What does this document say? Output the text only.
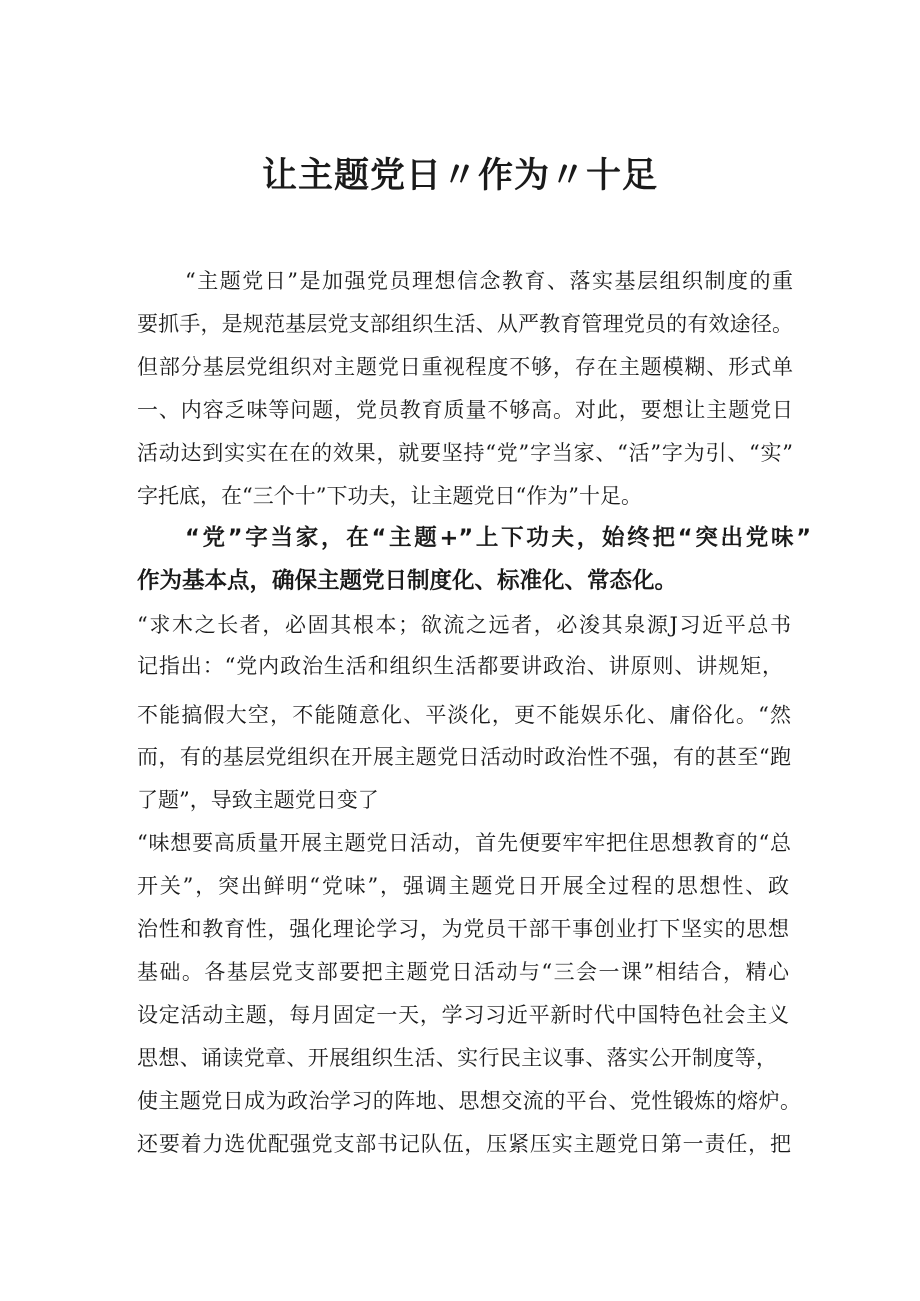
让主题党日〃作为〃十足
“主题党日”是加强党员理想信念教育、落实基层组织制度的重
要抓手，是规范基层党支部组织生活、从严教育管理党员的有效途径。
但部分基层党组织对主题党日重视程度不够，存在主题模糊、形式单
一、内容乏味等问题，党员教育质量不够高。对此，要想让主题党日
活动达到实实在在的效果，就要坚持“党”字当家、“活”字为引、“实”
字托底，在“三个十”下功夫，让主题党日“作为”十足。
“党”字当家，在“主题+”上下功夫，始终把“突出党味”
作为基本点，确保主题党日制度化、标准化、常态化。
“求木之长者，必固其根本；欲流之远者，必浚其泉源J习近平总书
记指出：“党内政治生活和组织生活都要讲政治、讲原则、讲规矩，
不能搞假大空，不能随意化、平淡化，更不能娱乐化、庸俗化。“然
而，有的基层党组织在开展主题党日活动时政治性不强，有的甚至“跑
了题”，导致主题党日变了
“味想要高质量开展主题党日活动，首先便要牢牢把住思想教育的“总
开关”，突出鲜明“党味”，强调主题党日开展全过程的思想性、政
治性和教育性，强化理论学习，为党员干部干事创业打下坚实的思想
基础。各基层党支部要把主题党日活动与“三会一课”相结合，精心
设定活动主题，每月固定一天，学习习近平新时代中国特色社会主义
思想、诵读党章、开展组织生活、实行民主议事、落实公开制度等，
使主题党日成为政治学习的阵地、思想交流的平台、党性锻炼的熔炉。
还要着力选优配强党支部书记队伍，压紧压实主题党日第一责任，把
